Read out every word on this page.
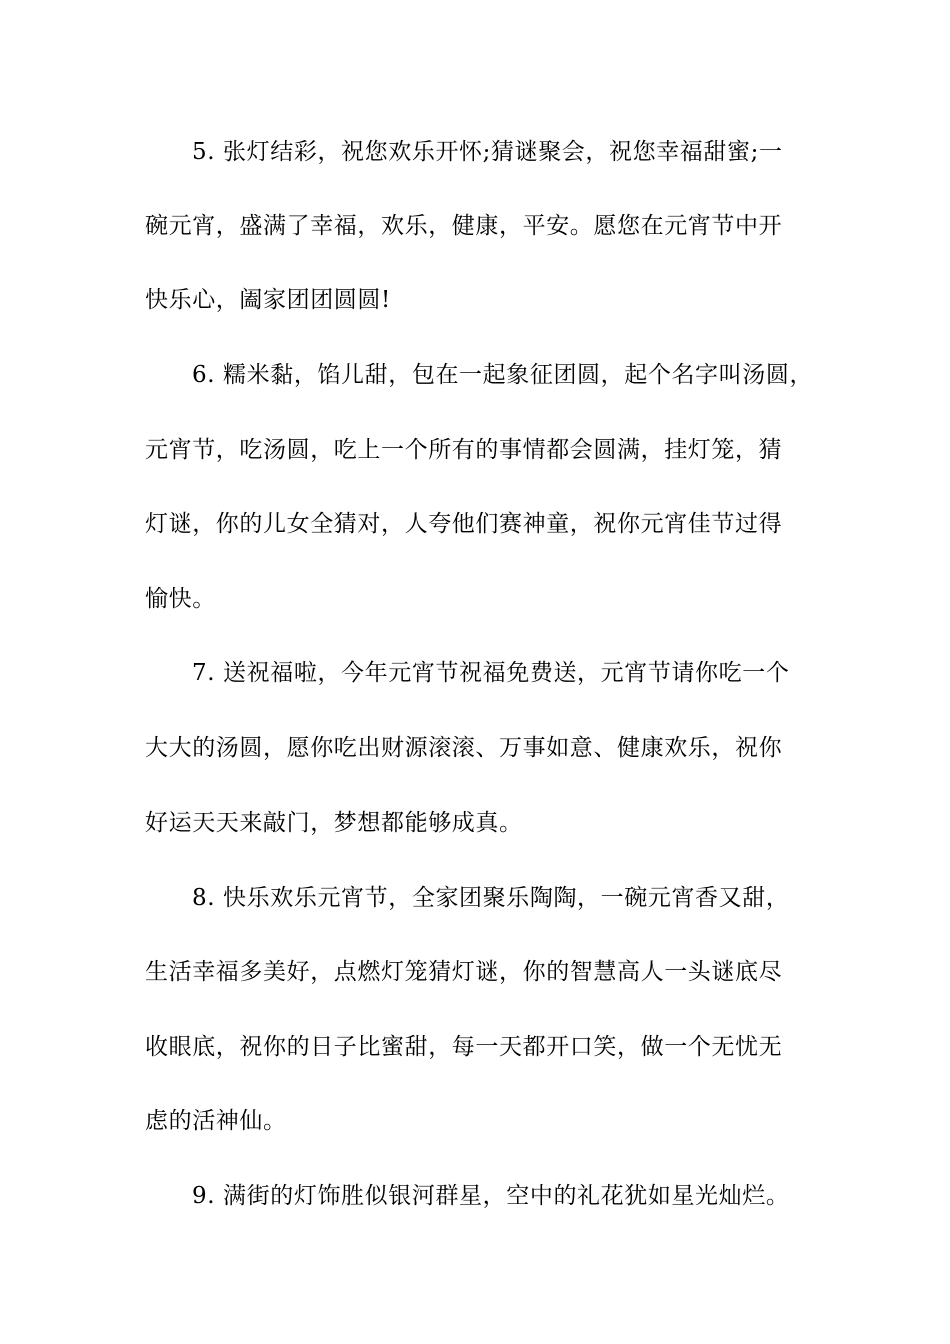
5. 张灯结彩，祝您欢乐开怀;猜谜聚会，祝您幸福甜蜜;一
碗元宵，盛满了幸福，欢乐，健康，平安。愿您在元宵节中开
快乐心，阖家团团圆圆!
6. 糯米黏，馅儿甜，包在一起象征团圆，起个名字叫汤圆，
元宵节，吃汤圆，吃上一个所有的事情都会圆满，挂灯笼，猜
灯谜，你的儿女全猜对，人夸他们赛神童，祝你元宵佳节过得
愉快。
7. 送祝福啦，今年元宵节祝福免费送，元宵节请你吃一个
大大的汤圆，愿你吃出财源滚滚、万事如意、健康欢乐，祝你
好运天天来敲门，梦想都能够成真。
8. 快乐欢乐元宵节，全家团聚乐陶陶，一碗元宵香又甜，
生活幸福多美好，点燃灯笼猜灯谜，你的智慧高人一头谜底尽
收眼底，祝你的日子比蜜甜，每一天都开口笑，做一个无忧无
虑的活神仙。
9. 满街的灯饰胜似银河群星，空中的礼花犹如星光灿烂。
